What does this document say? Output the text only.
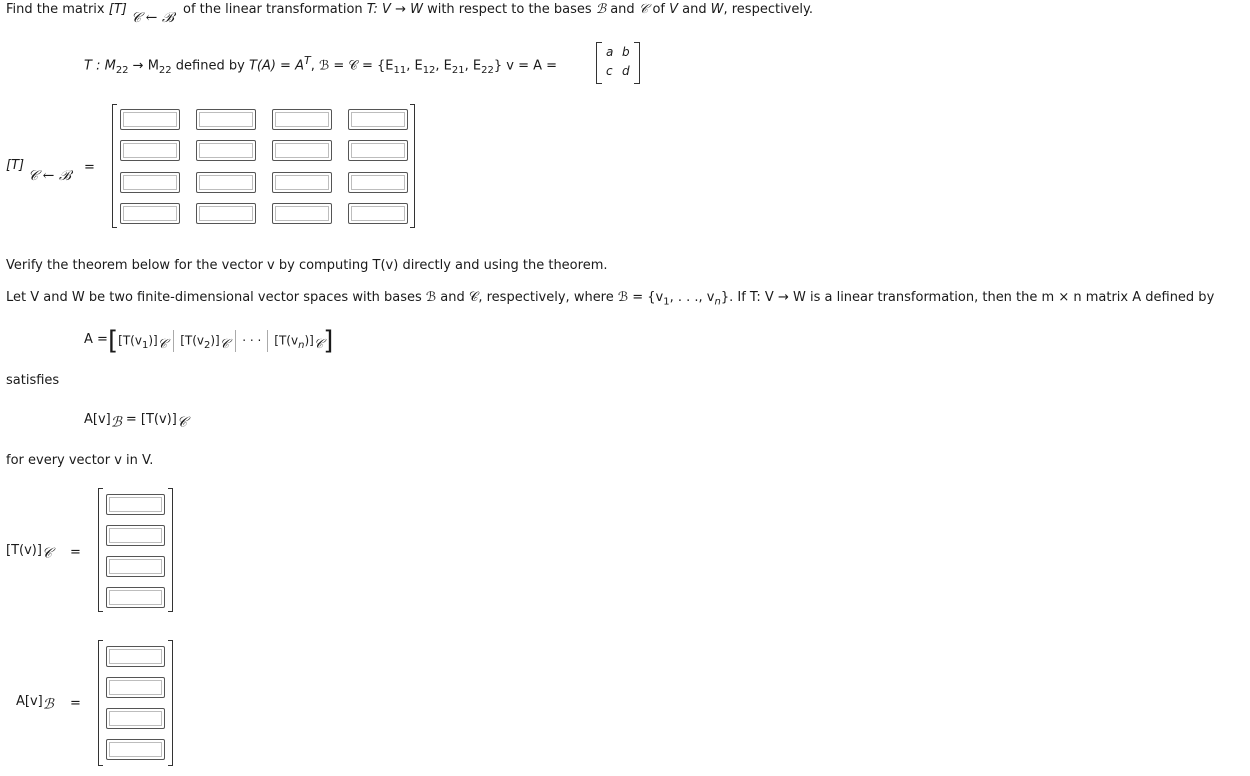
Find the matrix [T]
𝒞 ← ℬ
of the linear transformation T: V → W with respect to the bases ℬ and 𝒞 of V and W, respectively.
T : $M_{22} \to M_{22}$ defined by $T(A) = A^T$, ℬ = 𝒞 = {$E_{11}$, $E_{12}$, $E_{21}$, $E_{22}$} v = A =
a b
c d
[T]
𝒞 ← ℬ
=
Verify the theorem below for the vector v by computing T(v) directly and using the theorem.
Let V and W be two finite-dimensional vector spaces with bases ℬ and 𝒞, respectively, where ℬ = {$v_1$, . . ., $v_n$}. If T: V → W is a linear transformation, then the m × n matrix A defined by
$A = [[T(v_1)]_𝒞$ $[T(v_2)]_𝒞$ · · · $[T(v_n)]_𝒞$]
satisfies
$A[v]_ℬ = [T(v)]_𝒞$
for every vector v in V.
$[T(v)]_𝒞$ =
$A[v]_ℬ$ =
